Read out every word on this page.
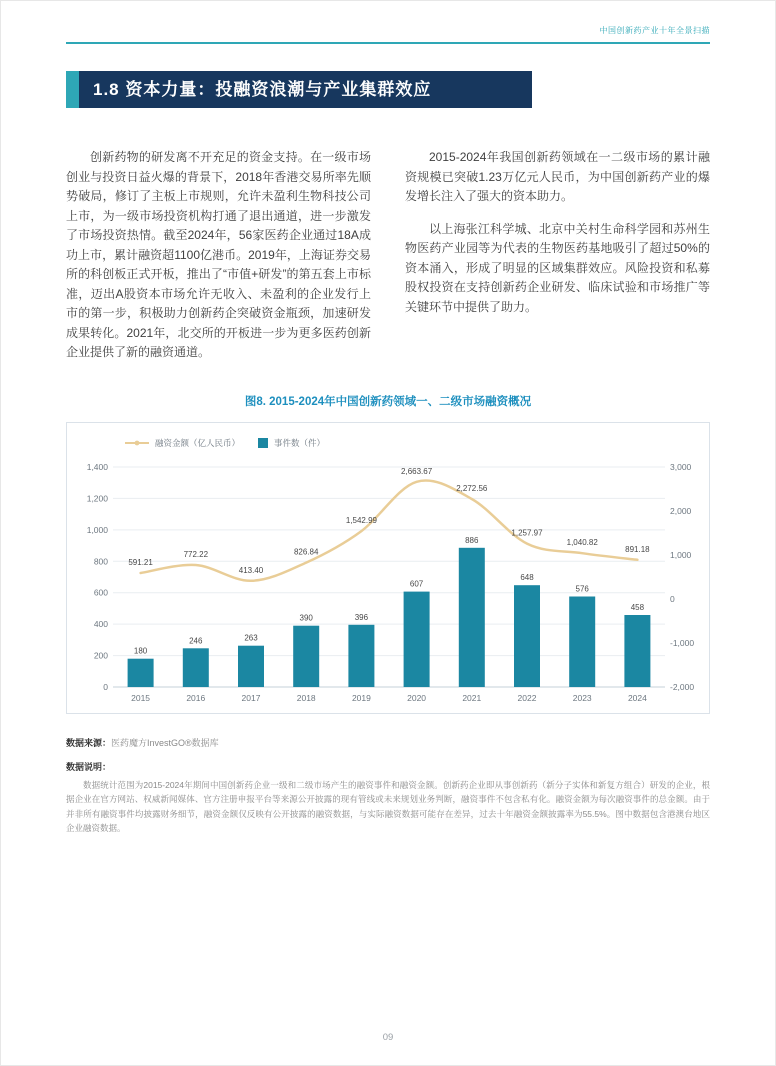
中国创新药产业十年全景扫描
1.8 资本力量：投融资浪潮与产业集群效应

创新药物的研发离不开充足的资金支持。在一级市场创业与投资日益火爆的背景下，2018年香港交易所率先顺势破局，修订了主板上市规则，允许未盈利生物科技公司上市，为一级市场投资机构打通了退出通道，进一步激发了市场投资热情。截至2024年，56家医药企业通过18A成功上市，累计融资超1100亿港币。2019年，上海证券交易所的科创板正式开板，推出了“市值+研发”的第五套上市标准，迈出A股资本市场允许无收入、未盈利的企业发行上市的第一步，积极助力创新药企突破资金瓶颈，加速研发成果转化。2021年，北交所的开板进一步为更多医药创新企业提供了新的融资通道。

2015-2024年我国创新药领域在一二级市场的累计融资规模已突破1.23万亿元人民币，为中国创新药产业的爆发增长注入了强大的资本助力。

以上海张江科学城、北京中关村生命科学园和苏州生物医药产业园等为代表的生物医药基地吸引了超过50%的资本涌入，形成了明显的区域集群效应。风险投资和私募股权投资在支持创新药企业研发、临床试验和市场推广等关键环节中提供了助力。

图8. 2015-2024年中国创新药领域一、二级市场融资概况
1,400
1,200
1,000
800
600
400
200
0
3,000
2,000
1,000
0
-1,000
-2,000
180
246	263
390	396
607
886
648
576
458
2015	2016	2017	2018	2019	2020	2021	2022	2023	2024
591.21
772.22
413.40
826.84
1,542.99
2,663.67
2,272.56
1,257.97
1,040.82
891.18
融资金额（亿人民币）	事件数（件）
数据来源：医药魔方InvestGO®数据库
数据说明：

数据统计范围为2015-2024年期间中国创新药企业一级和二级市场产生的融资事件和融资金额。创新药企业即从事创新药（新分子实体和新复方组合）研发的企业，根据企业在官方网站、权威新闻媒体、官方注册申报平台等来源公开披露的现有管线或未来规划业务判断，融资事件不包含私有化。融资金额为每次融资事件的总金额。由于并非所有融资事件均披露财务细节，融资金额仅反映有公开披露的融资数据，与实际融资数据可能存在差异，过去十年融资金额披露率为55.5%。图中数据包含港澳台地区企业融资数据。

09
